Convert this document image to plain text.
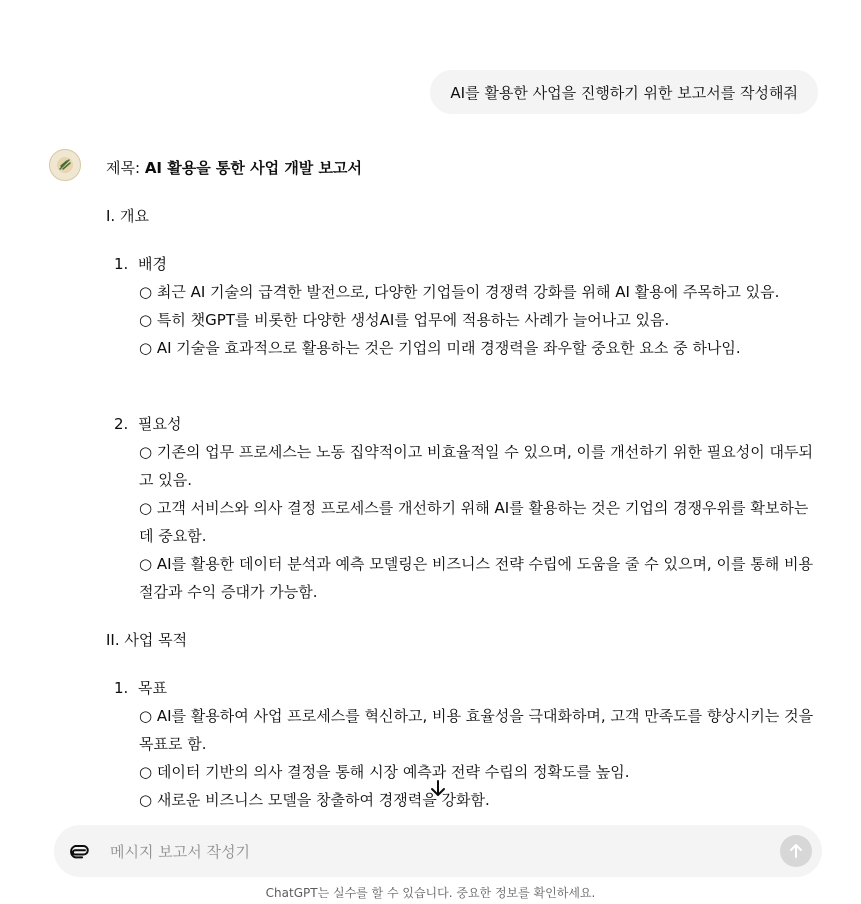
AI를 활용한 사업을 진행하기 위한 보고서를 작성해줘
제목: AI 활용을 통한 사업 개발 보고서
I. 개요
1. 배경
○ 최근 AI 기술의 급격한 발전으로, 다양한 기업들이 경쟁력 강화를 위해 AI 활용에 주목하고 있음.
○ 특히 챗GPT를 비롯한 다양한 생성AI를 업무에 적용하는 사례가 늘어나고 있음.
○ AI 기술을 효과적으로 활용하는 것은 기업의 미래 경쟁력을 좌우할 중요한 요소 중 하나임.
2. 필요성
○ 기존의 업무 프로세스는 노동 집약적이고 비효율적일 수 있으며, 이를 개선하기 위한 필요성이 대두되고 있음.
○ 고객 서비스와 의사 결정 프로세스를 개선하기 위해 AI를 활용하는 것은 기업의 경쟁우위를 확보하는 데 중요함.
○ AI를 활용한 데이터 분석과 예측 모델링은 비즈니스 전략 수립에 도움을 줄 수 있으며, 이를 통해 비용 절감과 수익 증대가 가능함.
II. 사업 목적
1. 목표
○ AI를 활용하여 사업 프로세스를 혁신하고, 비용 효율성을 극대화하며, 고객 만족도를 향상시키는 것을 목표로 함.
○ 데이터 기반의 의사 결정을 통해 시장 예측과 전략 수립의 정확도를 높임.
○ 새로운 비즈니스 모델을 창출하여 경쟁력을 강화함.
메시지 보고서 작성기
ChatGPT는 실수를 할 수 있습니다. 중요한 정보를 확인하세요.
